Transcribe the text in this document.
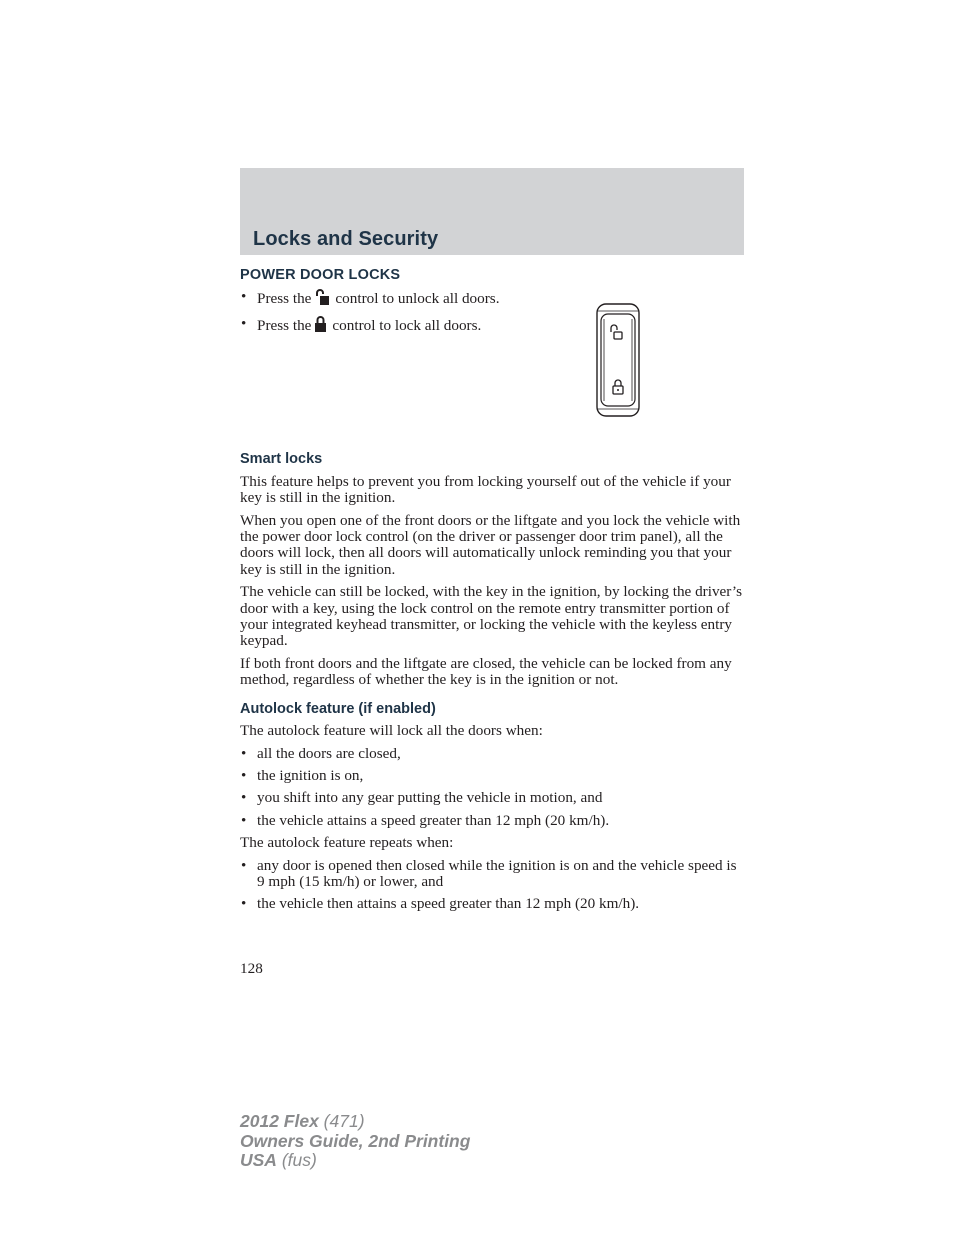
Locks and Security
POWER DOOR LOCKS
• Press the control to unlock all doors.
• Press the control to lock all doors.
Smart locks

This feature helps to prevent you from locking yourself out of the vehicle if your key is still in the ignition.

When you open one of the front doors or the liftgate and you lock the vehicle with the power door lock control (on the driver or passenger door trim panel), all the doors will lock, then all doors will automatically unlock reminding you that your key is still in the ignition.

The vehicle can still be locked, with the key in the ignition, by locking the driver’s door with a key, using the lock control on the remote entry transmitter portion of your integrated keyhead transmitter, or locking the vehicle with the keyless entry keypad.

If both front doors and the liftgate are closed, the vehicle can be locked from any method, regardless of whether the key is in the ignition or not.

Autolock feature (if enabled)

The autolock feature will lock all the doors when:

• all the doors are closed,
• the ignition is on,
• you shift into any gear putting the vehicle in motion, and
• the vehicle attains a speed greater than 12 mph (20 km/h).

The autolock feature repeats when:

• any door is opened then closed while the ignition is on and the vehicle speed is 9 mph (15 km/h) or lower, and
• the vehicle then attains a speed greater than 12 mph (20 km/h).
128
2012 Flex (471)
Owners Guide, 2nd Printing
USA (fus)
